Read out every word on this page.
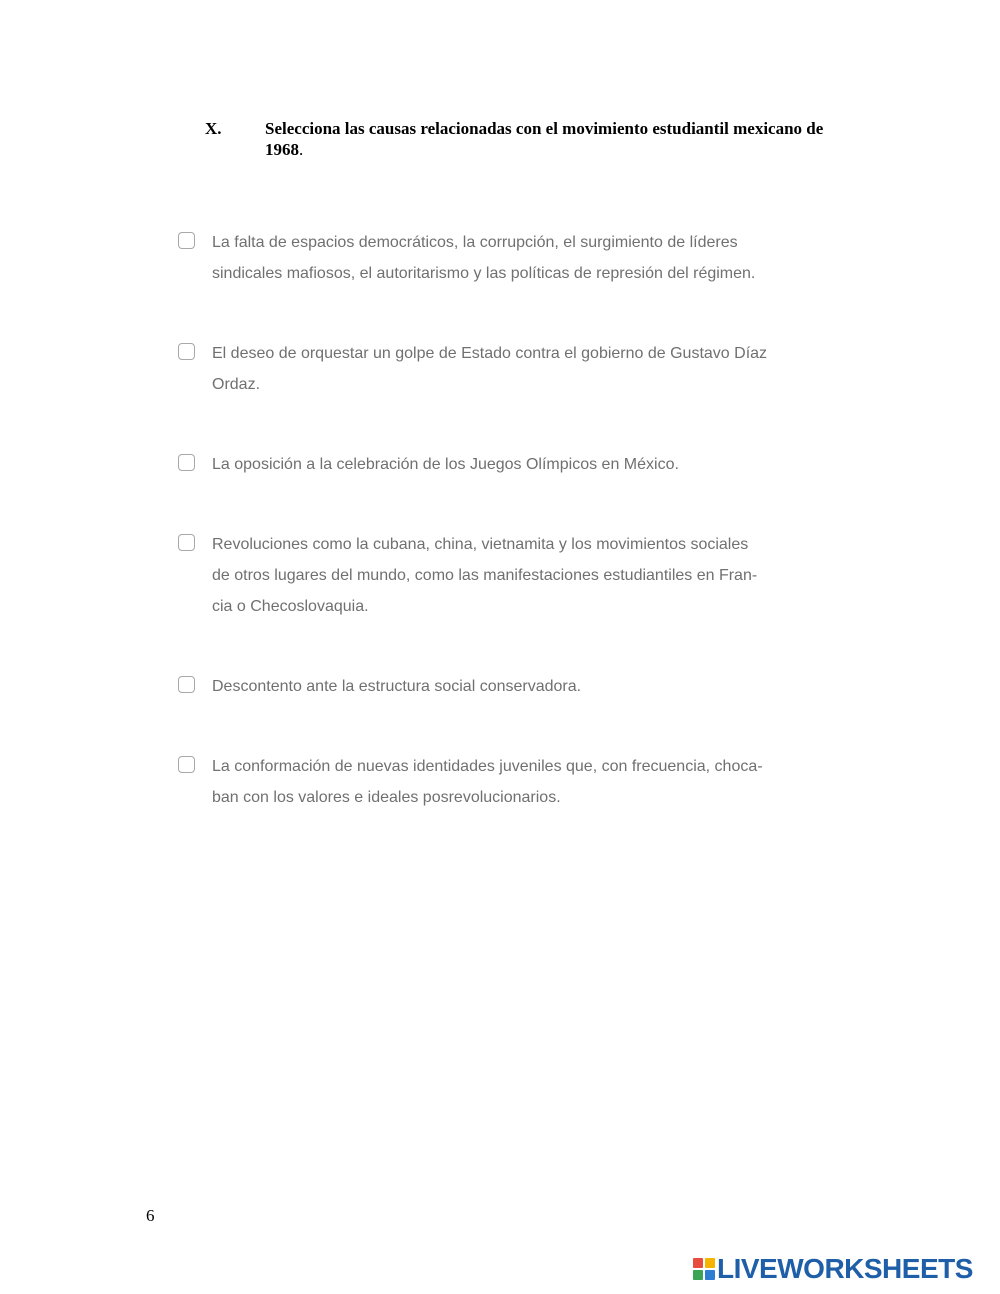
X.	Selecciona las causas relacionadas con el movimiento estudiantil mexicano de 1968.
La falta de espacios democráticos, la corrupción, el surgimiento de líderes
sindicales mafiosos, el autoritarismo y las políticas de represión del régimen.
El deseo de orquestar un golpe de Estado contra el gobierno de Gustavo Díaz
Ordaz.
La oposición a la celebración de los Juegos Olímpicos en México.
Revoluciones como la cubana, china, vietnamita y los movimientos sociales
de otros lugares del mundo, como las manifestaciones estudiantiles en Fran-
cia o Checoslovaquia.
Descontento ante la estructura social conservadora.
La conformación de nuevas identidades juveniles que, con frecuencia, choca-
ban con los valores e ideales posrevolucionarios.
6
LIVEWORKSHEETS
